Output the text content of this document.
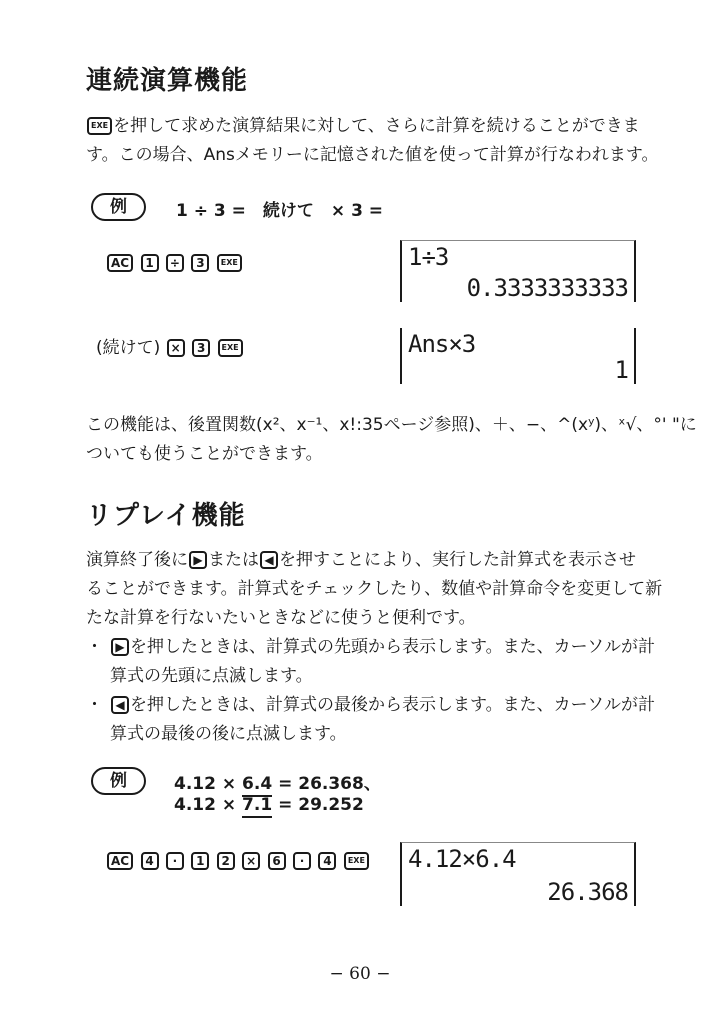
連続演算機能
EXE を押して求めた演算結果に対して、さらに計算を続けることができま
す。この場合、Ansメモリーに記憶された値を使って計算が行なわれます。
例	1 ÷ 3 =　続けて　× 3 =
AC 1 ÷ 3 EXE	1÷3
0.3333333333
(続けて) × 3 EXE	Ans×3
1
この機能は、後置関数(x²、x⁻¹、x!:35ページ参照)、＋、−、^(xʸ)、ˣ√、°' "に
ついても使うことができます。
リプレイ機能
演算終了後に ▶ または ◀ を押すことにより、実行した計算式を表示させ
ることができます。計算式をチェックしたり、数値や計算命令を変更して新
たな計算を行ないたいときなどに使うと便利です。
・	▶ を押したときは、計算式の先頭から表示します。また、カーソルが計
算式の先頭に点滅します。
・	◀ を押したときは、計算式の最後から表示します。また、カーソルが計
算式の最後の後に点滅します。
例	4.12 × 6.4 = 26.368、
4.12 × 7.1 = 29.252
AC 4 · 1 2 × 6 · 4 EXE 4.12×6.4
26.368
− 60 −
